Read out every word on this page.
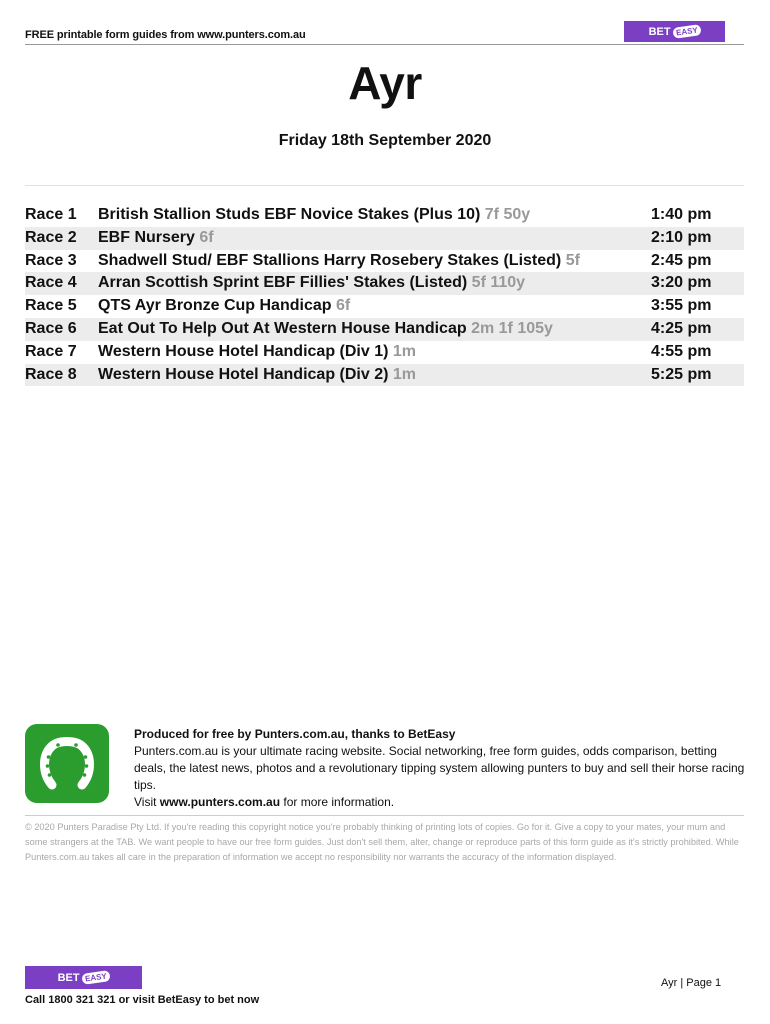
FREE printable form guides from www.punters.com.au	BET EASY
Ayr
Friday 18th September 2020
Race 1 British Stallion Studs EBF Novice Stakes (Plus 10) 7f 50y	1:40 pm
Race 2 EBF Nursery 6f	2:10 pm
Race 3 Shadwell Stud/ EBF Stallions Harry Rosebery Stakes (Listed) 5f	2:45 pm
Race 4 Arran Scottish Sprint EBF Fillies' Stakes (Listed) 5f 110y	3:20 pm
Race 5 QTS Ayr Bronze Cup Handicap 6f	3:55 pm
Race 6 Eat Out To Help Out At Western House Handicap 2m 1f 105y	4:25 pm
Race 7 Western House Hotel Handicap (Div 1) 1m	4:55 pm
Race 8 Western House Hotel Handicap (Div 2) 1m	5:25 pm
Produced for free by Punters.com.au, thanks to BetEasy
Punters.com.au is your ultimate racing website. Social networking, free form guides, odds comparison, betting deals, the latest news, photos and a revolutionary tipping system allowing punters to buy and sell their horse racing tips.
Visit www.punters.com.au for more information.
© 2020 Punters Paradise Pty Ltd. If you're reading this copyright notice you're probably thinking of printing lots of copies. Go for it. Give a copy to your mates, your mum and some strangers at the TAB. We want people to have our free form guides. Just don't sell them, alter, change or reproduce parts of this form guide as it's strictly prohibited. While Punters.com.au takes all care in the preparation of information we accept no responsibility nor warrants the accuracy of the information displayed.
BET EASY	Ayr | Page 1
Call 1800 321 321 or visit BetEasy to bet now
